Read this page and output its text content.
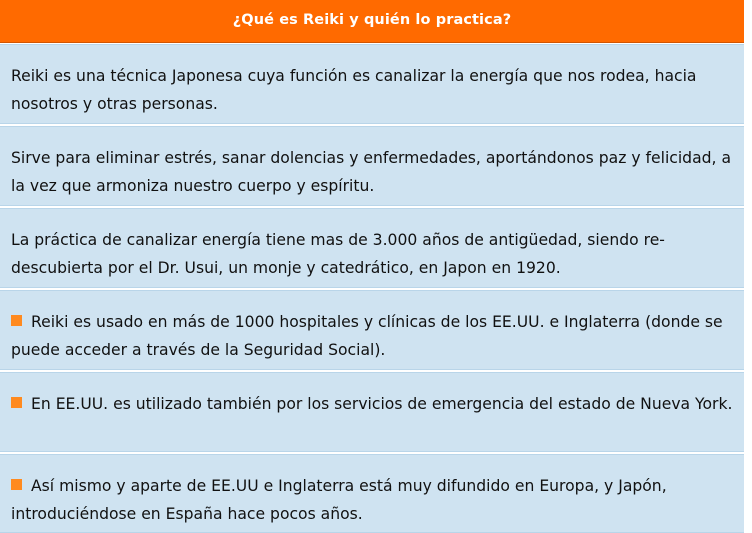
¿Qué es Reiki y quién lo practica?
Reiki es una técnica Japonesa cuya función es canalizar la energía que nos rodea, hacia nosotros y otras personas.
Sirve para eliminar estrés, sanar dolencias y enfermedades, aportándonos paz y felicidad, a la vez que armoniza nuestro cuerpo y espíritu.
La práctica de canalizar energía tiene mas de 3.000 años de antigüedad, siendo re-descubierta por el Dr. Usui, un monje y catedrático, en Japon en 1920.
Reiki es usado en más de 1000 hospitales y clínicas de los EE.UU. e Inglaterra (donde se puede acceder a través de la Seguridad Social).
En EE.UU. es utilizado también por los servicios de emergencia del estado de Nueva York.
Así mismo y aparte de EE.UU e Inglaterra está muy difundido en Europa, y Japón, introduciéndose en España hace pocos años.
